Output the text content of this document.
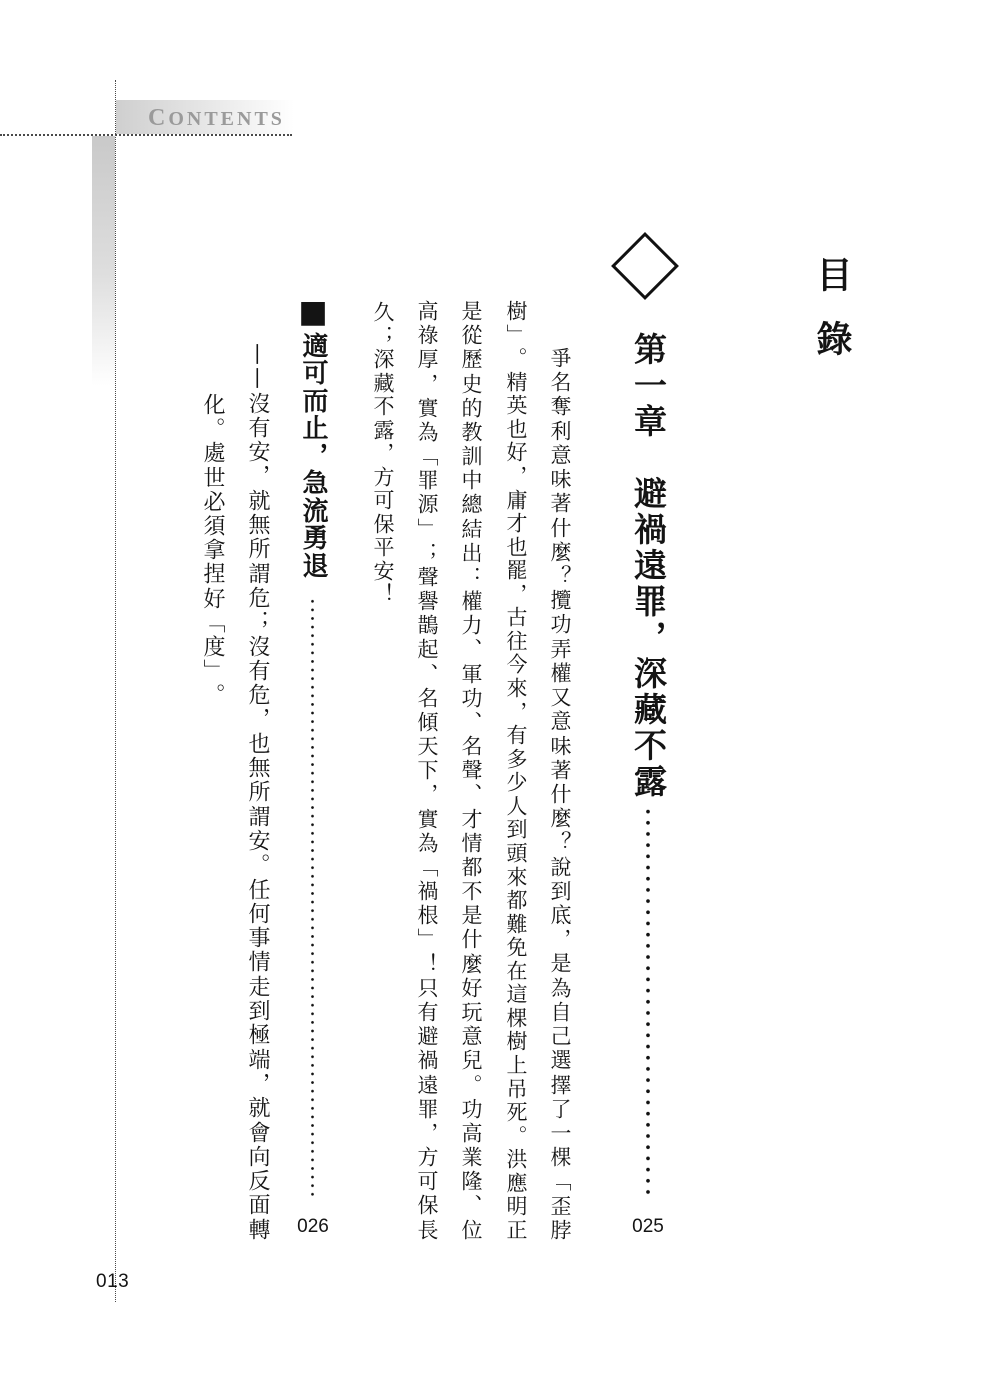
CONTENTS
013
目
錄
第
一
章

避
禍
遠
罪
，
深
藏
不
露
025
爭
名
奪
利
意
味
著
什
麼
？
攬
功
弄
權
又
意
味
著
什
麼
？
說
到
底
，
是
為
自
己
選
擇
了
一
棵
「
歪
脖
樹
」
。
精
英
也
好
，
庸
才
也
罷
，
古
往
今
來
，
有
多
少
人
到
頭
來
都
難
免
在
這
棵
樹
上
吊
死
。
洪
應
明
正
是
從
歷
史
的
教
訓
中
總
結
出
：
權
力
、
軍
功
、
名
聲
、
才
情
都
不
是
什
麼
好
玩
意
兒
。
功
高
業
隆
、
位
高
祿
厚
，
實
為
「
罪
源
」
；
聲
譽
鵲
起
、
名
傾
天
下
，
實
為
「
禍
根
」
！
只
有
避
禍
遠
罪
，
方
可
保
長
久
；
深
藏
不
露
，
方
可
保
平
安
！
■
適
可
而
止
，
急
流
勇
退
026
—
—
沒
有
安
，
就
無
所
謂
危
；
沒
有
危
，
也
無
所
謂
安
。
任
何
事
情
走
到
極
端
，
就
會
向
反
面
轉
化
。
處
世
必
須
拿
捏
好
「
度
」
。
